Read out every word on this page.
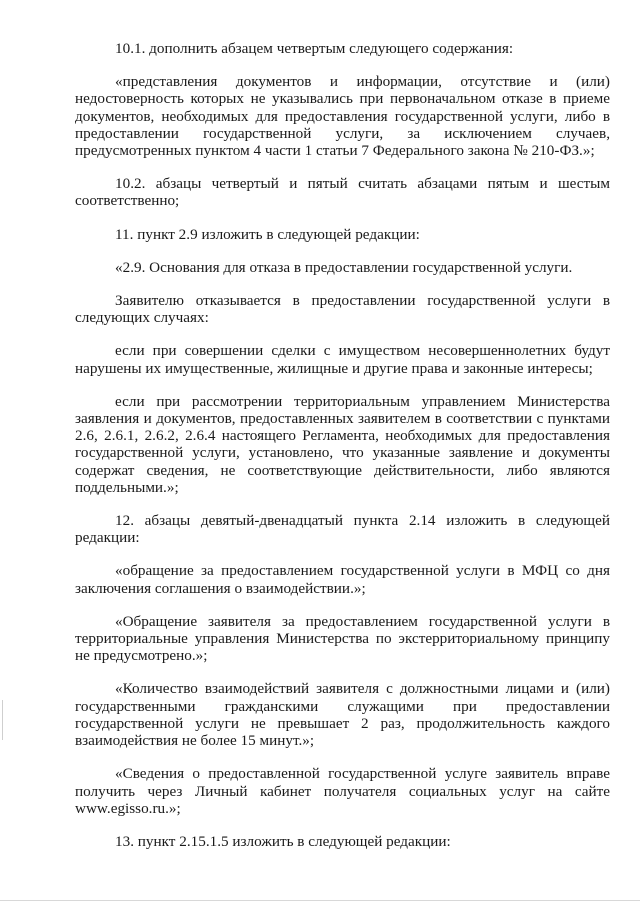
10.1. дополнить абзацем четвертым следующего содержания:

«представления документов и информации, отсутствие и (или) недостоверность которых не указывались при первоначальном отказе в приеме документов, необходимых для предоставления государственной услуги, либо в предоставлении государственной услуги, за исключением случаев, предусмотренных пунктом 4 части 1 статьи 7 Федерального закона № 210-ФЗ.»;

10.2. абзацы четвертый и пятый считать абзацами пятым и шестым соответственно;

11. пункт 2.9 изложить в следующей редакции:

«2.9. Основания для отказа в предоставлении государственной услуги.

Заявителю отказывается в предоставлении государственной услуги в следующих случаях:

если при совершении сделки с имуществом несовершеннолетних будут нарушены их имущественные, жилищные и другие права и законные интересы;

если при рассмотрении территориальным управлением Министерства заявления и документов, предоставленных заявителем в соответствии с пунктами 2.6, 2.6.1, 2.6.2, 2.6.4 настоящего Регламента, необходимых для предоставления государственной услуги, установлено, что указанные заявление и документы содержат сведения, не соответствующие действительности, либо являются поддельными.»;

12. абзацы девятый-двенадцатый пункта 2.14 изложить в следующей редакции:

«обращение за предоставлением государственной услуги в МФЦ со дня заключения соглашения о взаимодействии.»;

«Обращение заявителя за предоставлением государственной услуги в территориальные управления Министерства по экстерриториальному принципу не предусмотрено.»;

«Количество взаимодействий заявителя с должностными лицами и (или) государственными гражданскими служащими при предоставлении государственной услуги не превышает 2 раз, продолжительность каждого взаимодействия не более 15 минут.»;

«Сведения о предоставленной государственной услуге заявитель вправе получить через Личный кабинет получателя социальных услуг на сайте www.egisso.ru.»;

13. пункт 2.15.1.5 изложить в следующей редакции:
